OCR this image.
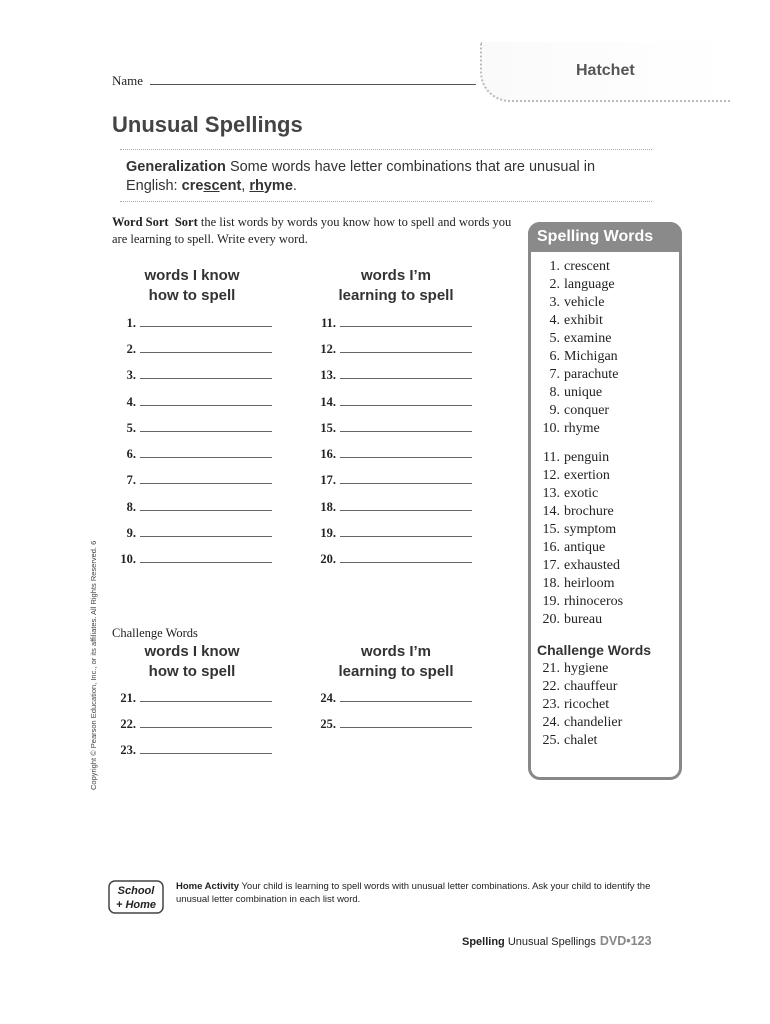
Name
Hatchet
Unusual Spellings
Generalization Some words have letter combinations that are unusual in English: crescent, rhyme.
Word Sort Sort the list words by words you know how to spell and words you are learning to spell. Write every word.
words I know
how to spell
words I’m
learning to spell
1.
2.
3.
4.
5.
6.
7.
8.
9.
10.
11.
12.
13.
14.
15.
16.
17.
18.
19.
20.
Challenge Words
words I know
how to spell
words I’m
learning to spell
21.
22.
23.
24.
25.
Spelling Words
1. crescent
2. language
3. vehicle
4. exhibit
5. examine
6. Michigan
7. parachute
8. unique
9. conquer
10. rhyme
11. penguin
12. exertion
13. exotic
14. brochure
15. symptom
16. antique
17. exhausted
18. heirloom
19. rhinoceros
20. bureau
Challenge Words
21. hygiene
22. chauffeur
23. ricochet
24. chandelier
25. chalet
Copyright © Pearson Education, Inc., or its affiliates. All Rights Reserved. 6
School
+ Home
Home Activity Your child is learning to spell words with unusual letter combinations. Ask your child to identify the unusual letter combination in each list word.
Spelling Unusual Spellings DVD•123
